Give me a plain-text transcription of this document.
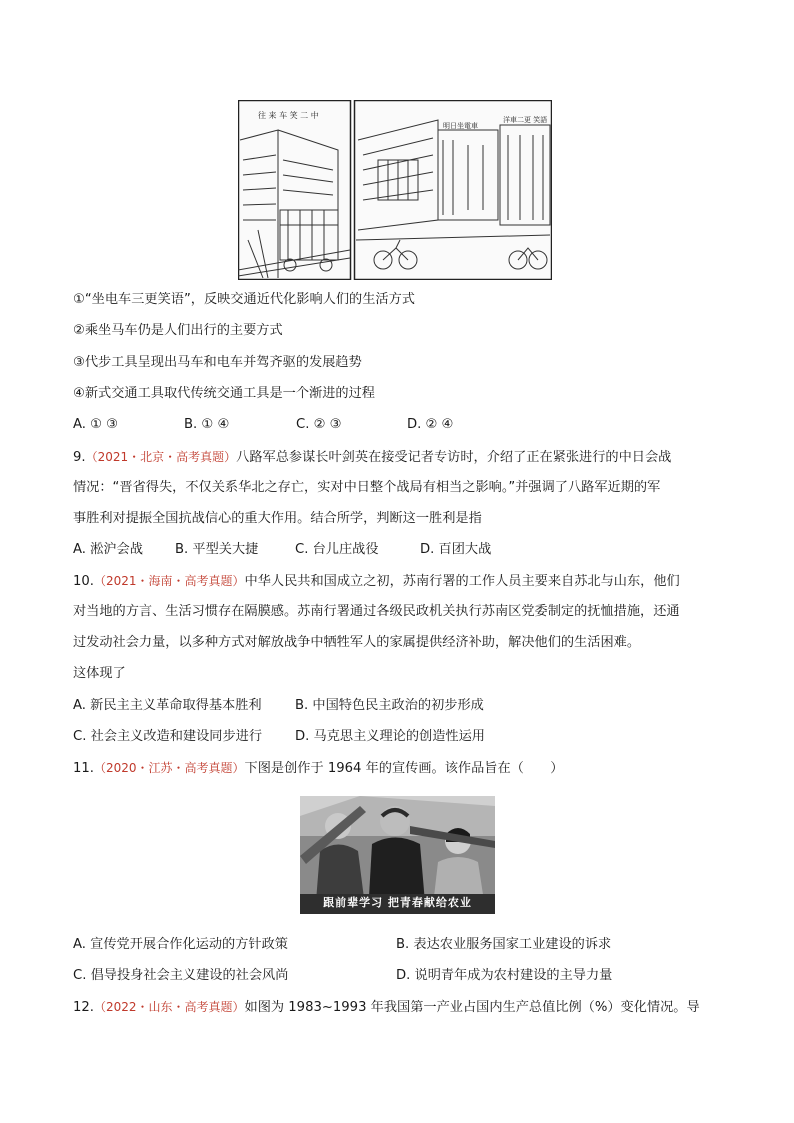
往 来 车 笑 二 中
明日坐電車
洋車二更 笑語
①“坐电车三更笑语”，反映交通近代化影响人们的生活方式
②乘坐马车仍是人们出行的主要方式
③代步工具呈现出马车和电车并驾齐驱的发展趋势
④新式交通工具取代传统交通工具是一个渐进的过程
A. ① ③	B. ① ④	C. ② ③	D. ② ④
9.（2021・北京・高考真题）八路军总参谋长叶剑英在接受记者专访时，介绍了正在紧张进行的中日会战
情况：“晋省得失，不仅关系华北之存亡，实对中日整个战局有相当之影响。”并强调了八路军近期的军
事胜利对提振全国抗战信心的重大作用。结合所学，判断这一胜利是指
A. 淞沪会战 B. 平型关大捷	C. 台儿庄战役	D. 百团大战
10.（2021・海南・高考真题）中华人民共和国成立之初，苏南行署的工作人员主要来自苏北与山东，他们
对当地的方言、生活习惯存在隔膜感。苏南行署通过各级民政机关执行苏南区党委制定的抚恤措施，还通
过发动社会力量，以多种方式对解放战争中牺牲军人的家属提供经济补助，解决他们的生活困难。
这体现了
A. 新民主主义革命取得基本胜利	B. 中国特色民主政治的初步形成
C. 社会主义改造和建设同步进行 D. 马克思主义理论的创造性运用
11.（2020・江苏・高考真题）下图是创作于 1964 年的宣传画。该作品旨在（　　）
跟前辈学习 把青春献给农业
A. 宣传党开展合作化运动的方针政策	B. 表达农业服务国家工业建设的诉求
C. 倡导投身社会主义建设的社会风尚	D. 说明青年成为农村建设的主导力量
12.（2022・山东・高考真题）如图为 1983~1993 年我国第一产业占国内生产总值比例（%）变化情况。导
